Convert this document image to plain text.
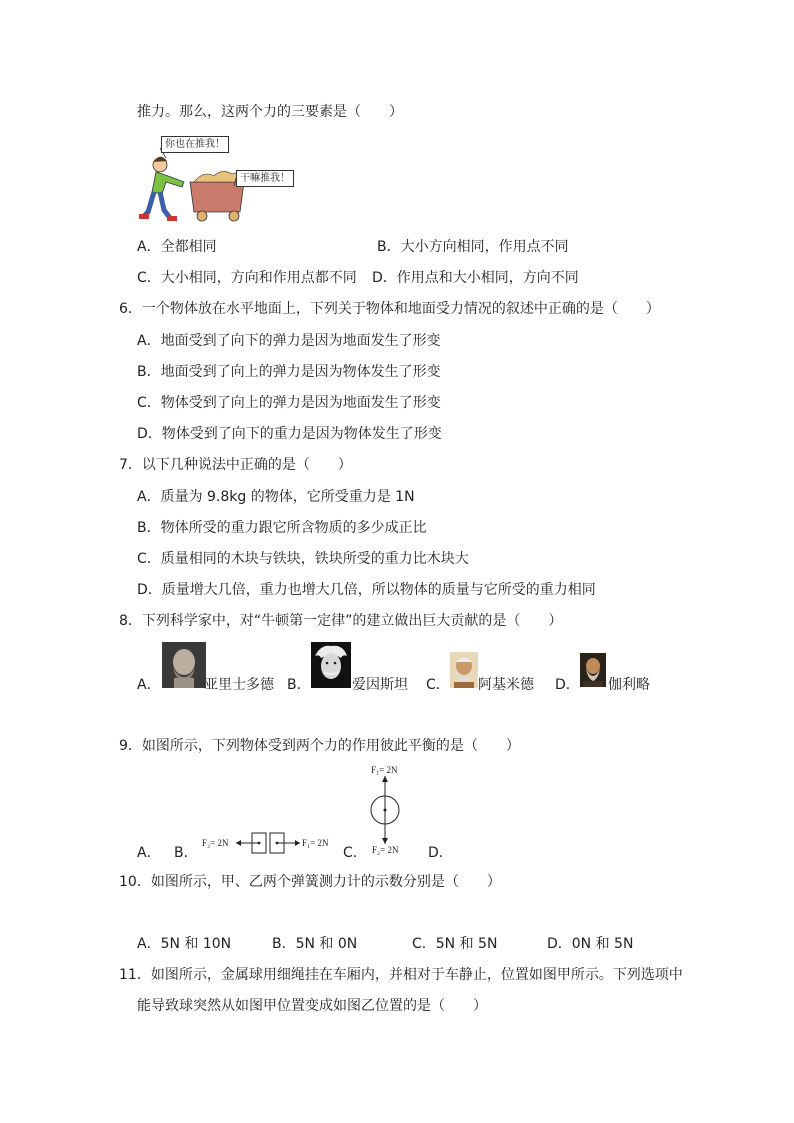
推力。那么，这两个力的三要素是（　　）
你也在推我！
干嘛推我！
A．全都相同	B．大小方向相同，作用点不同
C．大小相同，方向和作用点都不同 D．作用点和大小相同，方向不同
6．一个物体放在水平地面上，下列关于物体和地面受力情况的叙述中正确的是（　　）
A．地面受到了向下的弹力是因为地面发生了形变
B．地面受到了向上的弹力是因为物体发生了形变
C．物体受到了向上的弹力是因为地面发生了形变
D．物体受到了向下的重力是因为物体发生了形变
7．以下几种说法中正确的是（　　）
A．质量为 9.8kg 的物体，它所受重力是 1N
B．物体所受的重力跟它所含物质的多少成正比
C．质量相同的木块与铁块，铁块所受的重力比木块大
D．质量增大几倍，重力也增大几倍，所以物体的质量与它所受的重力相同
8．下列科学家中，对“牛顿第一定律”的建立做出巨大贡献的是（　　）
A．	亚里士多德 B．	爱因斯坦 C． 阿基米德 D． 伽利略
9．如图所示，下列物体受到两个力的作用彼此平衡的是（　　）
A． B．
F₂= 2N	F₁= 2N
C．
F₁= 2N
F₂= 2N D．
10．如图所示，甲、乙两个弹簧测力计的示数分别是（　　）
A．5N 和 10N	B．5N 和 0N	C．5N 和 5N	D．0N 和 5N
11．如图所示，金属球用细绳挂在车厢内，并相对于车静止，位置如图甲所示。下列选项中
能导致球突然从如图甲位置变成如图乙位置的是（　　）
